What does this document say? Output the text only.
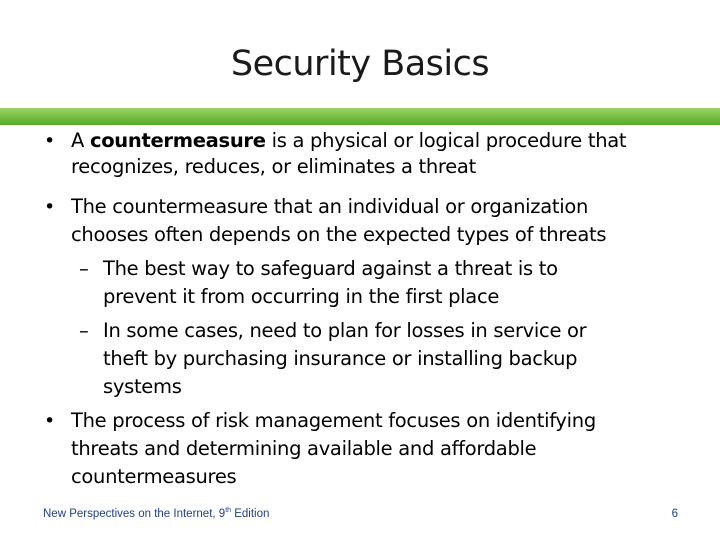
Security Basics
• A countermeasure is a physical or logical procedure that
recognizes, reduces, or eliminates a threat
• The countermeasure that an individual or organization
chooses often depends on the expected types of threats
– The best way to safeguard against a threat is to
prevent it from occurring in the first place
– In some cases, need to plan for losses in service or
theft by purchasing insurance or installing backup
systems
• The process of risk management focuses on identifying
threats and determining available and affordable
countermeasures
New Perspectives on the Internet, 9th Edition	6
